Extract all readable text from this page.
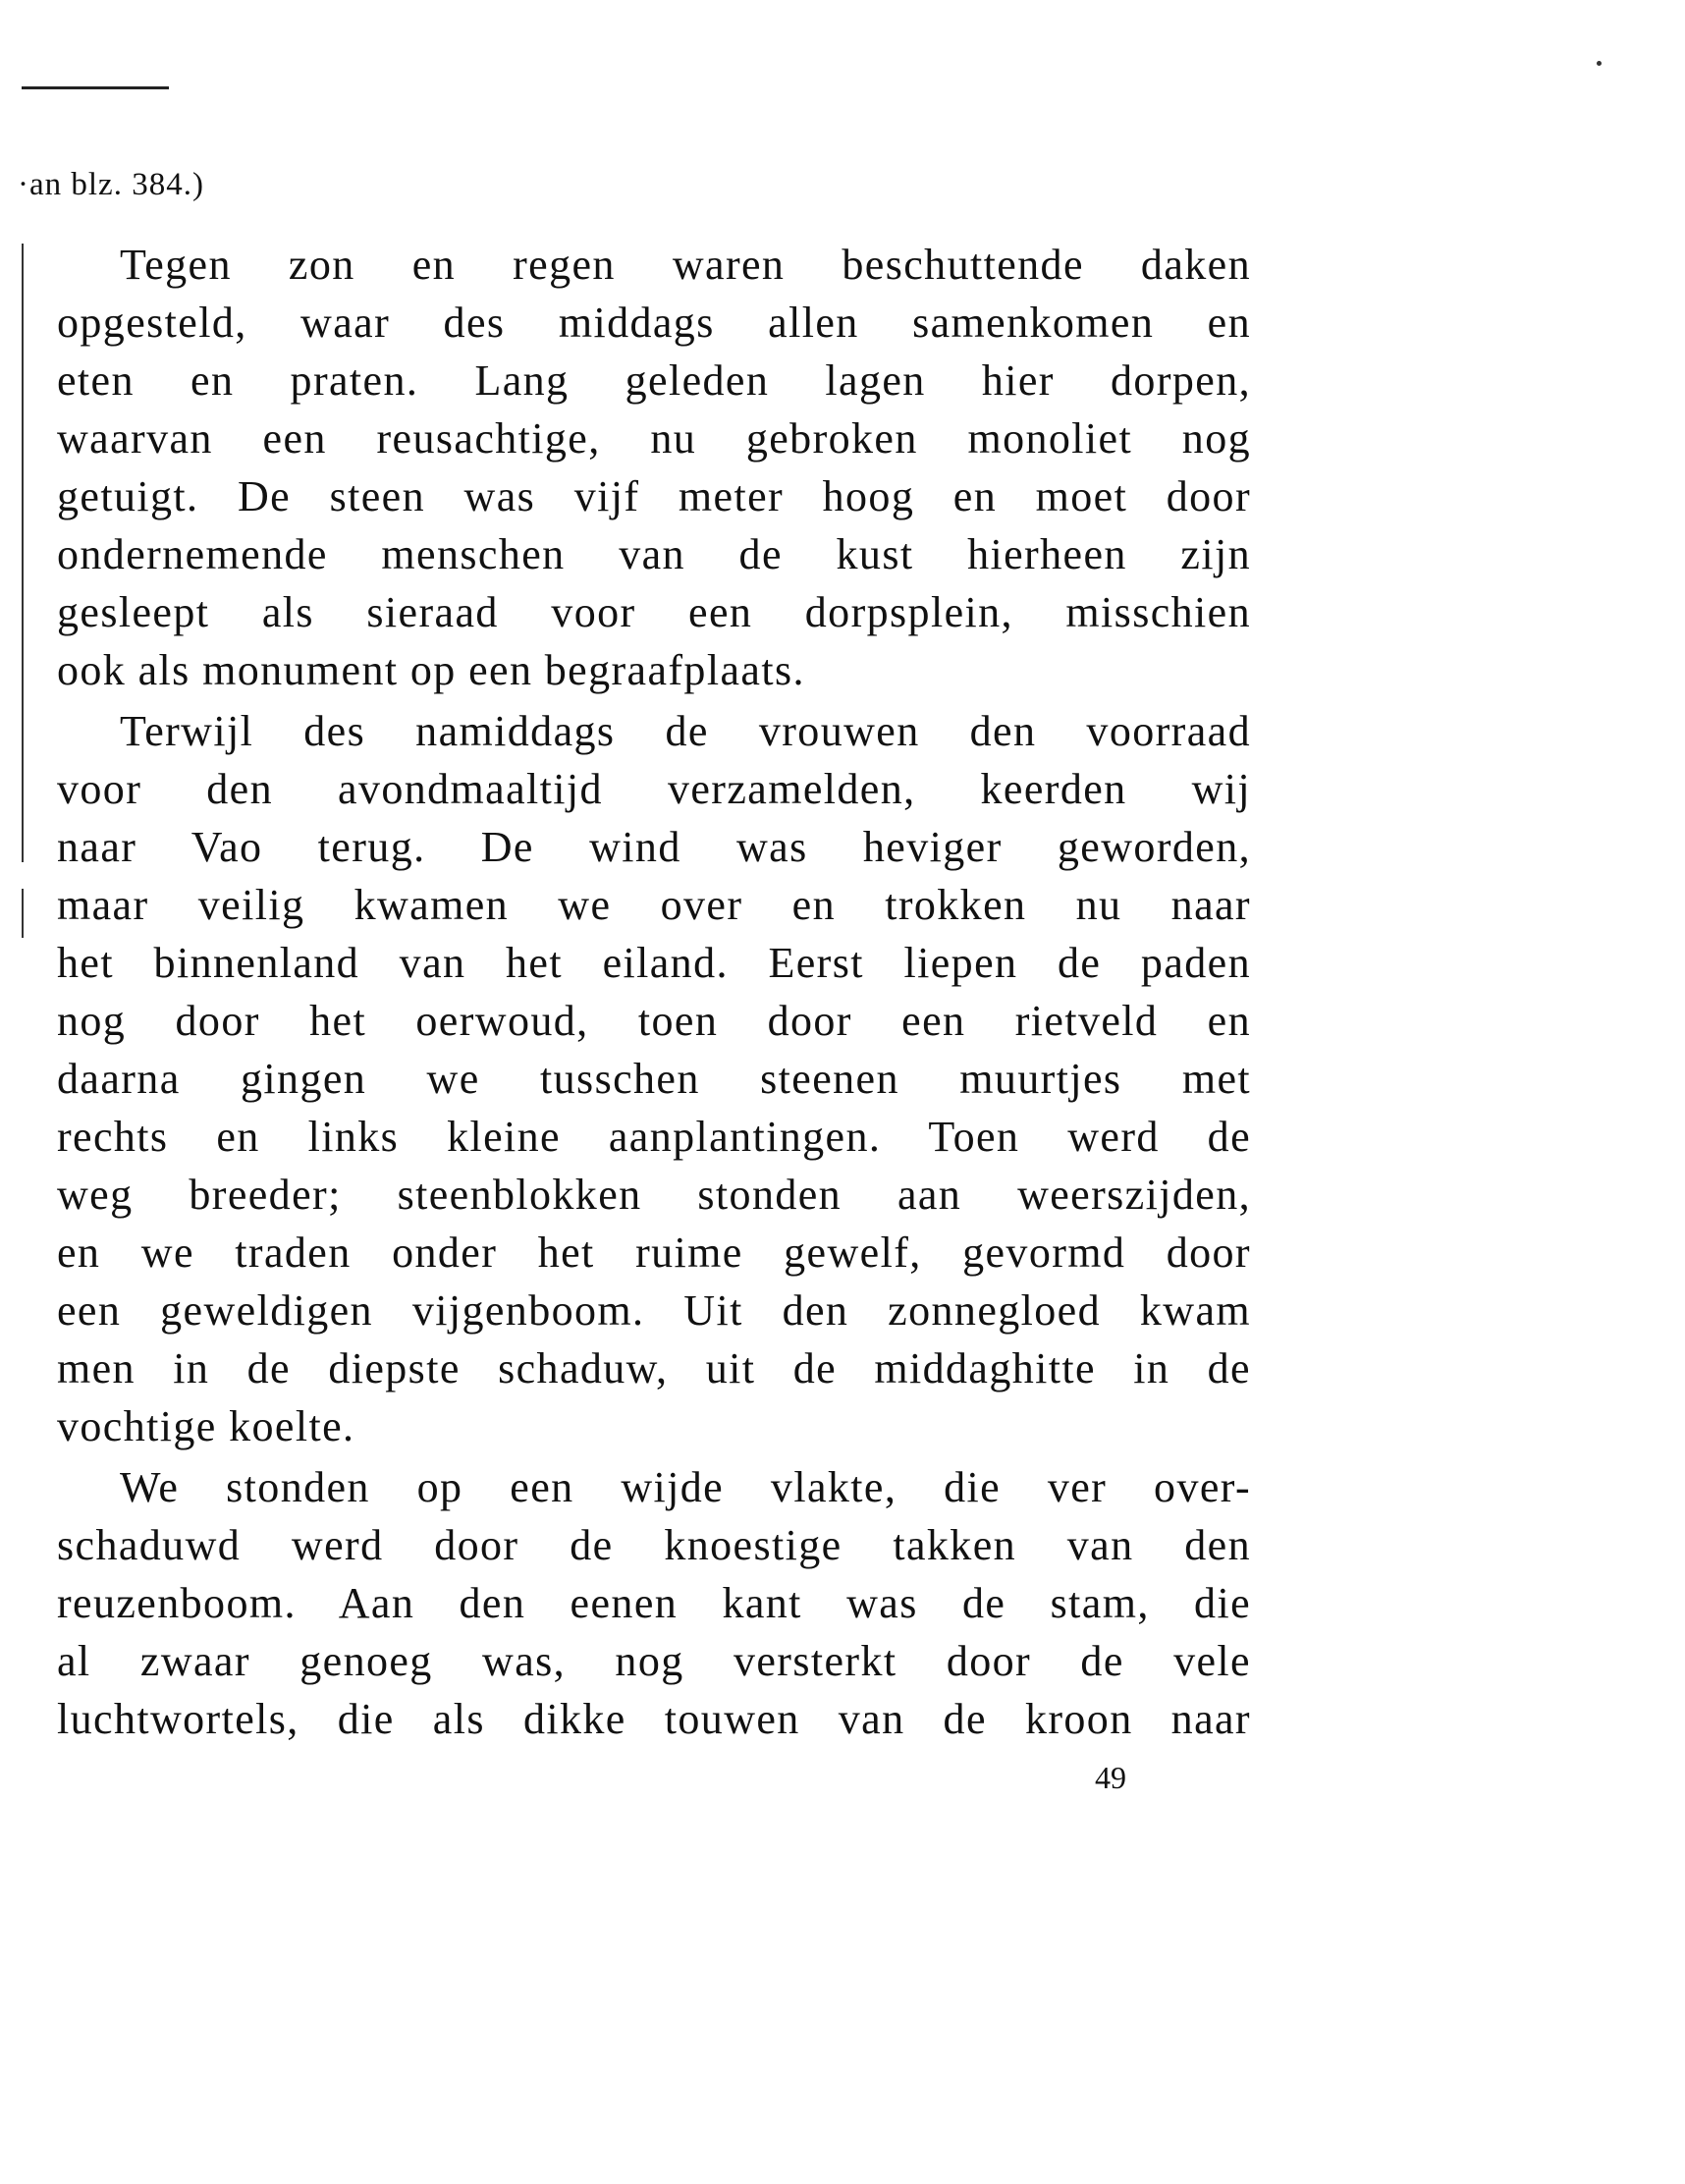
·an blz. 384.)
Tegen zon en regen waren beschuttende daken
opgesteld, waar des middags allen samenkomen en
eten en praten. Lang geleden lagen hier dorpen,
waarvan een reusachtige, nu gebroken monoliet nog
getuigt. De steen was vijf meter hoog en moet door
ondernemende menschen van de kust hierheen zijn
gesleept als sieraad voor een dorpsplein, misschien
ook als monument op een begraafplaats.
Terwijl des namiddags de vrouwen den voorraad
voor den avondmaaltijd verzamelden, keerden wij
naar Vao terug. De wind was heviger geworden,
maar veilig kwamen we over en trokken nu naar
het binnenland van het eiland. Eerst liepen de paden
nog door het oerwoud, toen door een rietveld en
daarna gingen we tusschen steenen muurtjes met
rechts en links kleine aanplantingen. Toen werd de
weg breeder; steenblokken stonden aan weerszijden,
en we traden onder het ruime gewelf, gevormd door
een geweldigen vijgenboom. Uit den zonnegloed kwam
men in de diepste schaduw, uit de middaghitte in de
vochtige koelte.
We stonden op een wijde vlakte, die ver over-
schaduwd werd door de knoestige takken van den
reuzenboom. Aan den eenen kant was de stam, die
al zwaar genoeg was, nog versterkt door de vele
luchtwortels, die als dikke touwen van de kroon naar
49
